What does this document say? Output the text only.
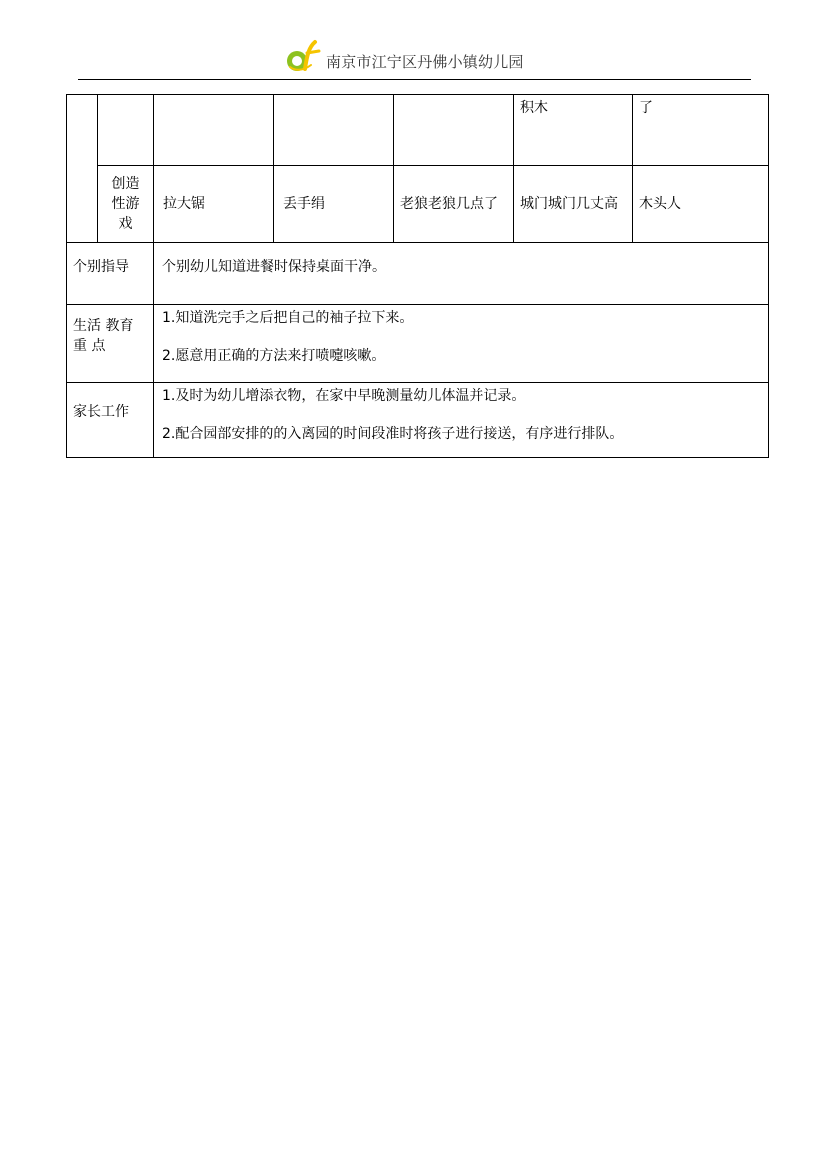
南京市江宁区丹佛小镇幼儿园
					积木	了
	创造性游戏	拉大锯	丢手绢	老狼老狼几点了	城门城门几丈高	木头人
个别指导		个别幼儿知道进餐时保持桌面干净。				
生活 教育 重 点		1.知道洗完手之后把自己的袖子拉下来。

2.愿意用正确的方法来打喷嚏咳嗽。				

家长工作		1.及时为幼儿增添衣物，在家中早晚测量幼儿体温并记录。

2.配合园部安排的的入离园的时间段准时将孩子进行接送，有序进行排队。				
